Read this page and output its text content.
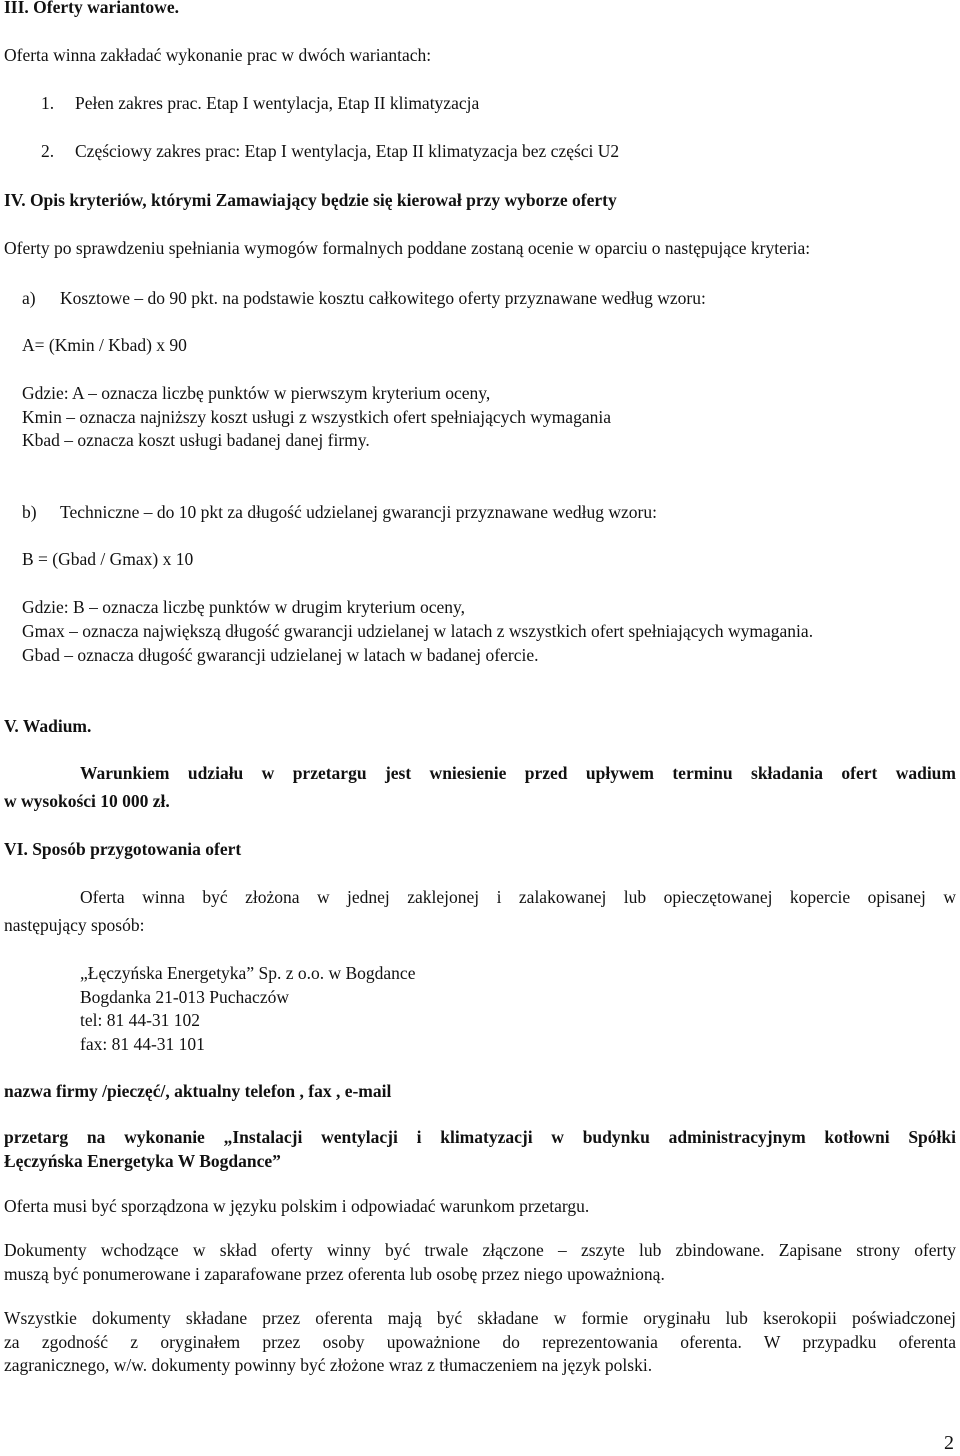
III. Oferty wariantowe.
Oferta winna zakładać wykonanie prac w dwóch wariantach:
1. Pełen zakres prac. Etap I wentylacja, Etap II klimatyzacja
2. Częściowy zakres prac: Etap I wentylacja, Etap II klimatyzacja bez części U2
IV. Opis kryteriów, którymi Zamawiający będzie się kierował przy wyborze oferty
Oferty po sprawdzeniu spełniania wymogów formalnych poddane zostaną ocenie w oparciu o następujące kryteria:
a) Kosztowe – do 90 pkt. na podstawie kosztu całkowitego oferty przyznawane według wzoru:
A= (Kmin / Kbad) x 90
Gdzie: A – oznacza liczbę punktów w pierwszym kryterium oceny,
Kmin – oznacza najniższy koszt usługi z wszystkich ofert spełniających wymagania
Kbad – oznacza koszt usługi badanej danej firmy.
b) Techniczne – do 10 pkt za długość udzielanej gwarancji przyznawane według wzoru:
B = (Gbad / Gmax) x 10
Gdzie: B – oznacza liczbę punktów w drugim kryterium oceny,
Gmax – oznacza największą długość gwarancji udzielanej w latach z wszystkich ofert spełniających wymagania.
Gbad – oznacza długość gwarancji udzielanej w latach w badanej ofercie.
V. Wadium.
Warunkiem udziału w przetargu jest wniesienie przed upływem terminu składania ofert wadium
w wysokości 10 000 zł.
VI. Sposób przygotowania ofert
Oferta winna być złożona w jednej zaklejonej i zalakowanej lub opieczętowanej kopercie opisanej w
następujący sposób:
„Łęczyńska Energetyka” Sp. z o.o. w Bogdance
Bogdanka 21-013 Puchaczów
tel: 81 44-31 102
fax: 81 44-31 101
nazwa firmy /pieczęć/, aktualny telefon , fax , e-mail
przetarg na wykonanie „Instalacji wentylacji i klimatyzacji w budynku administracyjnym kotłowni Spółki
Łęczyńska Energetyka W Bogdance”
Oferta musi być sporządzona w języku polskim i odpowiadać warunkom przetargu.
Dokumenty wchodzące w skład oferty winny być trwale złączone – zszyte lub zbindowane. Zapisane strony oferty
muszą być ponumerowane i zaparafowane przez oferenta lub osobę przez niego upoważnioną.
Wszystkie dokumenty składane przez oferenta mają być składane w formie oryginału lub kserokopii poświadczonej
za zgodność z oryginałem przez osoby upoważnione do reprezentowania oferenta. W przypadku oferenta
zagranicznego, w/w. dokumenty powinny być złożone wraz z tłumaczeniem na język polski.
2
